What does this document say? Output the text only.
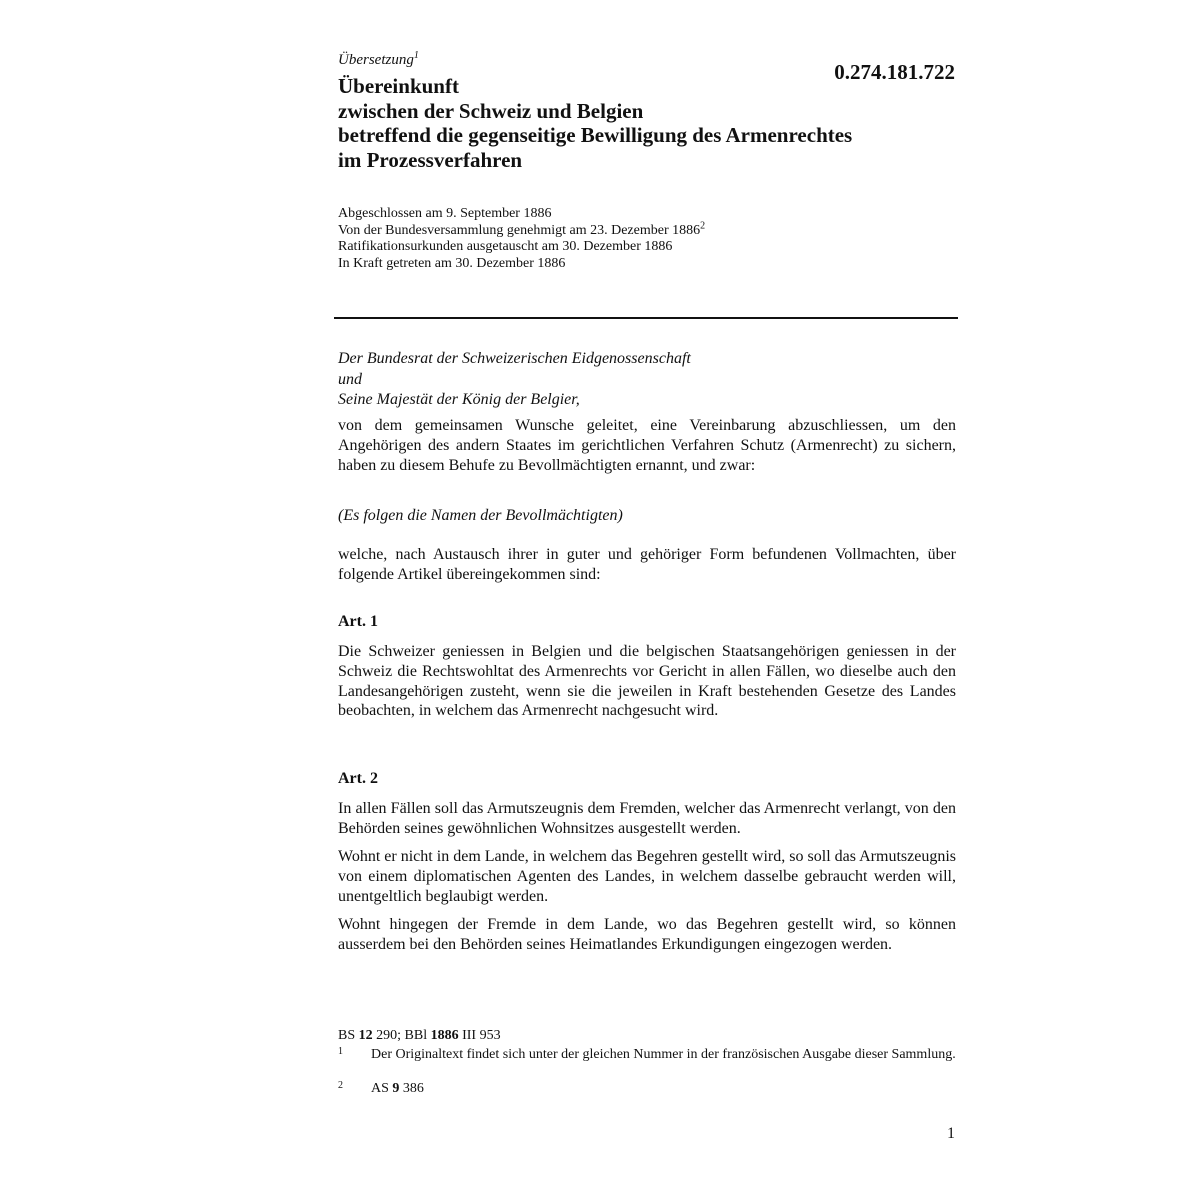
Übersetzung$^1$
0.274.181.722
Übereinkunft
zwischen der Schweiz und Belgien
betreffend die gegenseitige Bewilligung des Armenrechtes
im Prozessverfahren
Abgeschlossen am 9. September 1886
Von der Bundesversammlung genehmigt am 23. Dezember 1886$^2$
Ratifikationsurkunden ausgetauscht am 30. Dezember 1886
In Kraft getreten am 30. Dezember 1886
Der Bundesrat der Schweizerischen Eidgenossenschaft
und
Seine Majestät der König der Belgier,
von dem gemeinsamen Wunsche geleitet, eine Vereinbarung abzuschliessen, um den Angehörigen des andern Staates im gerichtlichen Verfahren Schutz (Armenrecht) zu sichern, haben zu diesem Behufe zu Bevollmächtigten ernannt, und zwar:
(Es folgen die Namen der Bevollmächtigten)
welche, nach Austausch ihrer in guter und gehöriger Form befundenen Vollmachten, über folgende Artikel übereingekommen sind:
Art. 1
Die Schweizer geniessen in Belgien und die belgischen Staatsangehörigen geniessen in der Schweiz die Rechtswohltat des Armenrechts vor Gericht in allen Fällen, wo dieselbe auch den Landesangehörigen zusteht, wenn sie die jeweilen in Kraft bestehenden Gesetze des Landes beobachten, in welchem das Armenrecht nachgesucht wird.
Art. 2
In allen Fällen soll das Armutszeugnis dem Fremden, welcher das Armenrecht verlangt, von den Behörden seines gewöhnlichen Wohnsitzes ausgestellt werden.
Wohnt er nicht in dem Lande, in welchem das Begehren gestellt wird, so soll das Armutszeugnis von einem diplomatischen Agenten des Landes, in welchem dasselbe gebraucht werden will, unentgeltlich beglaubigt werden.
Wohnt hingegen der Fremde in dem Lande, wo das Begehren gestellt wird, so können ausserdem bei den Behörden seines Heimatlandes Erkundigungen eingezogen werden.
BS 12 290; BBl 1886 III 953
1 Der Originaltext findet sich unter der gleichen Nummer in der französischen Ausgabe dieser Sammlung.
2 AS 9 386
1
